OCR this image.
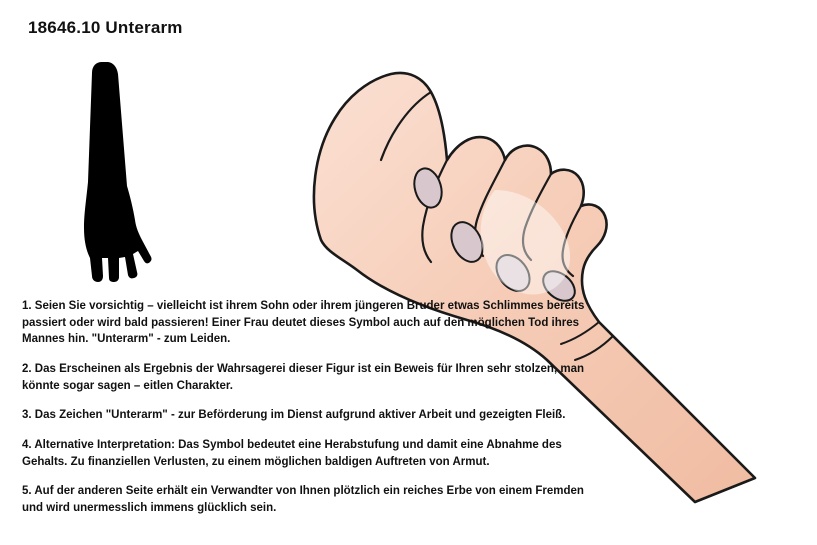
18646.10 Unterarm

1. Seien Sie vorsichtig – vielleicht ist ihrem Sohn oder ihrem jüngeren Bruder etwas Schlimmes bereits passiert oder wird bald passieren! Einer Frau deutet dieses Symbol auch auf den möglichen Tod ihres Mannes hin. "Unterarm" - zum Leiden.

2. Das Erscheinen als Ergebnis der Wahrsagerei dieser Figur ist ein Beweis für Ihren sehr stolzen, man könnte sogar sagen – eitlen Charakter.

3. Das Zeichen "Unterarm" - zur Beförderung im Dienst aufgrund aktiver Arbeit und gezeigten Fleiß.

4. Alternative Interpretation: Das Symbol bedeutet eine Herabstufung und damit eine Abnahme des Gehalts. Zu finanziellen Verlusten, zu einem möglichen baldigen Auftreten von Armut.

5. Auf der anderen Seite erhält ein Verwandter von Ihnen plötzlich ein reiches Erbe von einem Fremden und wird unermesslich immens glücklich sein.
